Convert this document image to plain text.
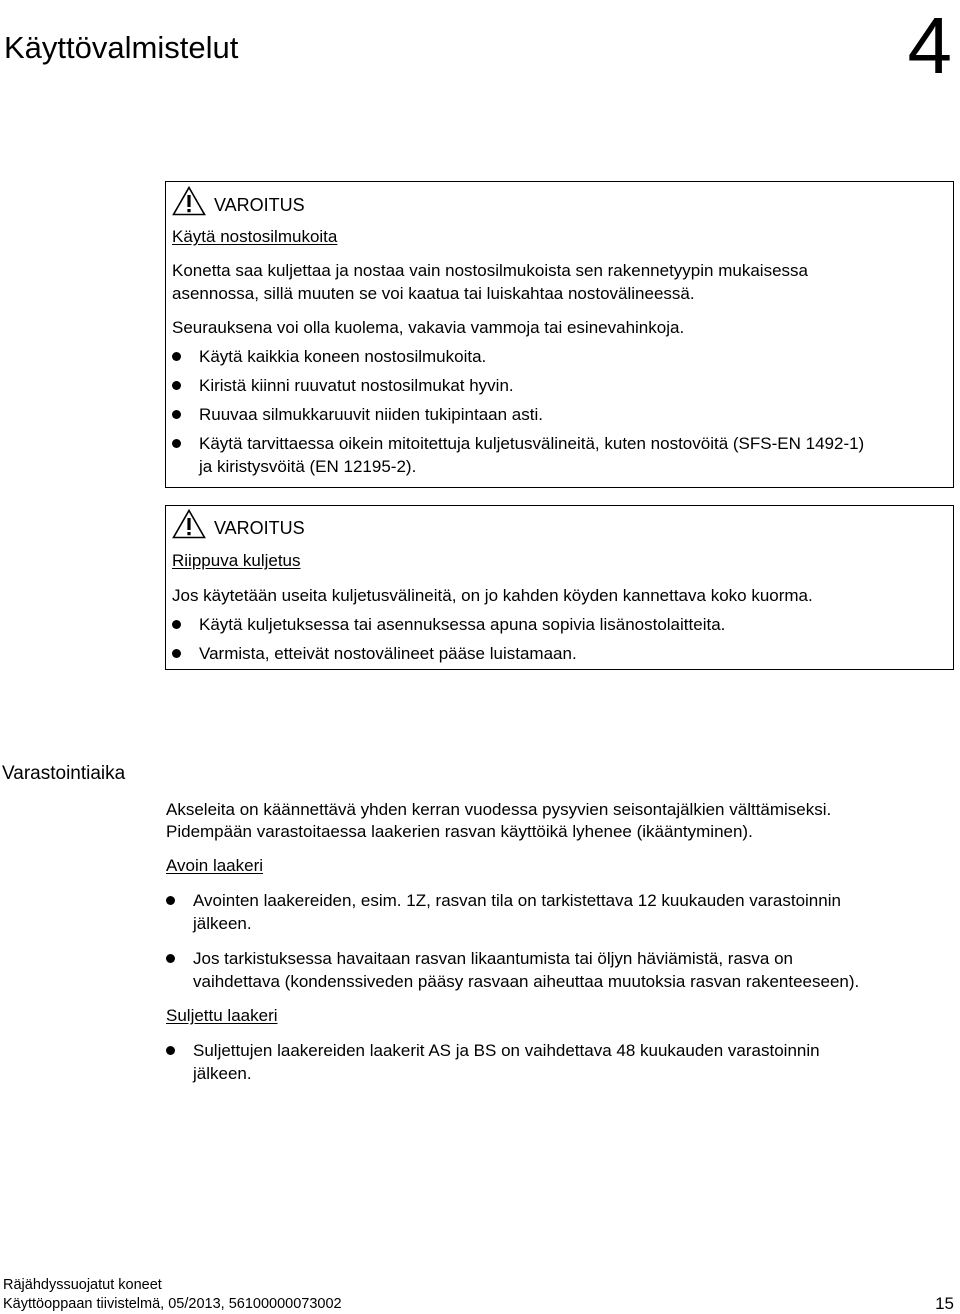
Käyttövalmistelut	4
VAROITUS
Käytä nostosilmukoita
Konetta saa kuljettaa ja nostaa vain nostosilmukoista sen rakennetyypin mukaisessa
asennossa, sillä muuten se voi kaatua tai luiskahtaa nostovälineessä.
Seurauksena voi olla kuolema, vakavia vammoja tai esinevahinkoja.
Käytä kaikkia koneen nostosilmukoita.
Kiristä kiinni ruuvatut nostosilmukat hyvin.
Ruuvaa silmukkaruuvit niiden tukipintaan asti.
Käytä tarvittaessa oikein mitoitettuja kuljetusvälineitä, kuten nostovöitä (SFS-EN 1492-1)
ja kiristysvöitä (EN 12195-2).
VAROITUS
Riippuva kuljetus
Jos käytetään useita kuljetusvälineitä, on jo kahden köyden kannettava koko kuorma.
Käytä kuljetuksessa tai asennuksessa apuna sopivia lisänostolaitteita.
Varmista, etteivät nostovälineet pääse luistamaan.
Varastointiaika
Akseleita on käännettävä yhden kerran vuodessa pysyvien seisontajälkien välttämiseksi.
Pidempään varastoitaessa laakerien rasvan käyttöikä lyhenee (ikääntyminen).
Avoin laakeri
Avointen laakereiden, esim. 1Z, rasvan tila on tarkistettava 12 kuukauden varastoinnin
jälkeen.
Jos tarkistuksessa havaitaan rasvan likaantumista tai öljyn häviämistä, rasva on
vaihdettava (kondenssiveden pääsy rasvaan aiheuttaa muutoksia rasvan rakenteeseen).
Suljettu laakeri
Suljettujen laakereiden laakerit AS ja BS on vaihdettava 48 kuukauden varastoinnin
jälkeen.
Räjähdyssuojatut koneet
Käyttöoppaan tiivistelmä, 05/2013, 56100000073002	15
